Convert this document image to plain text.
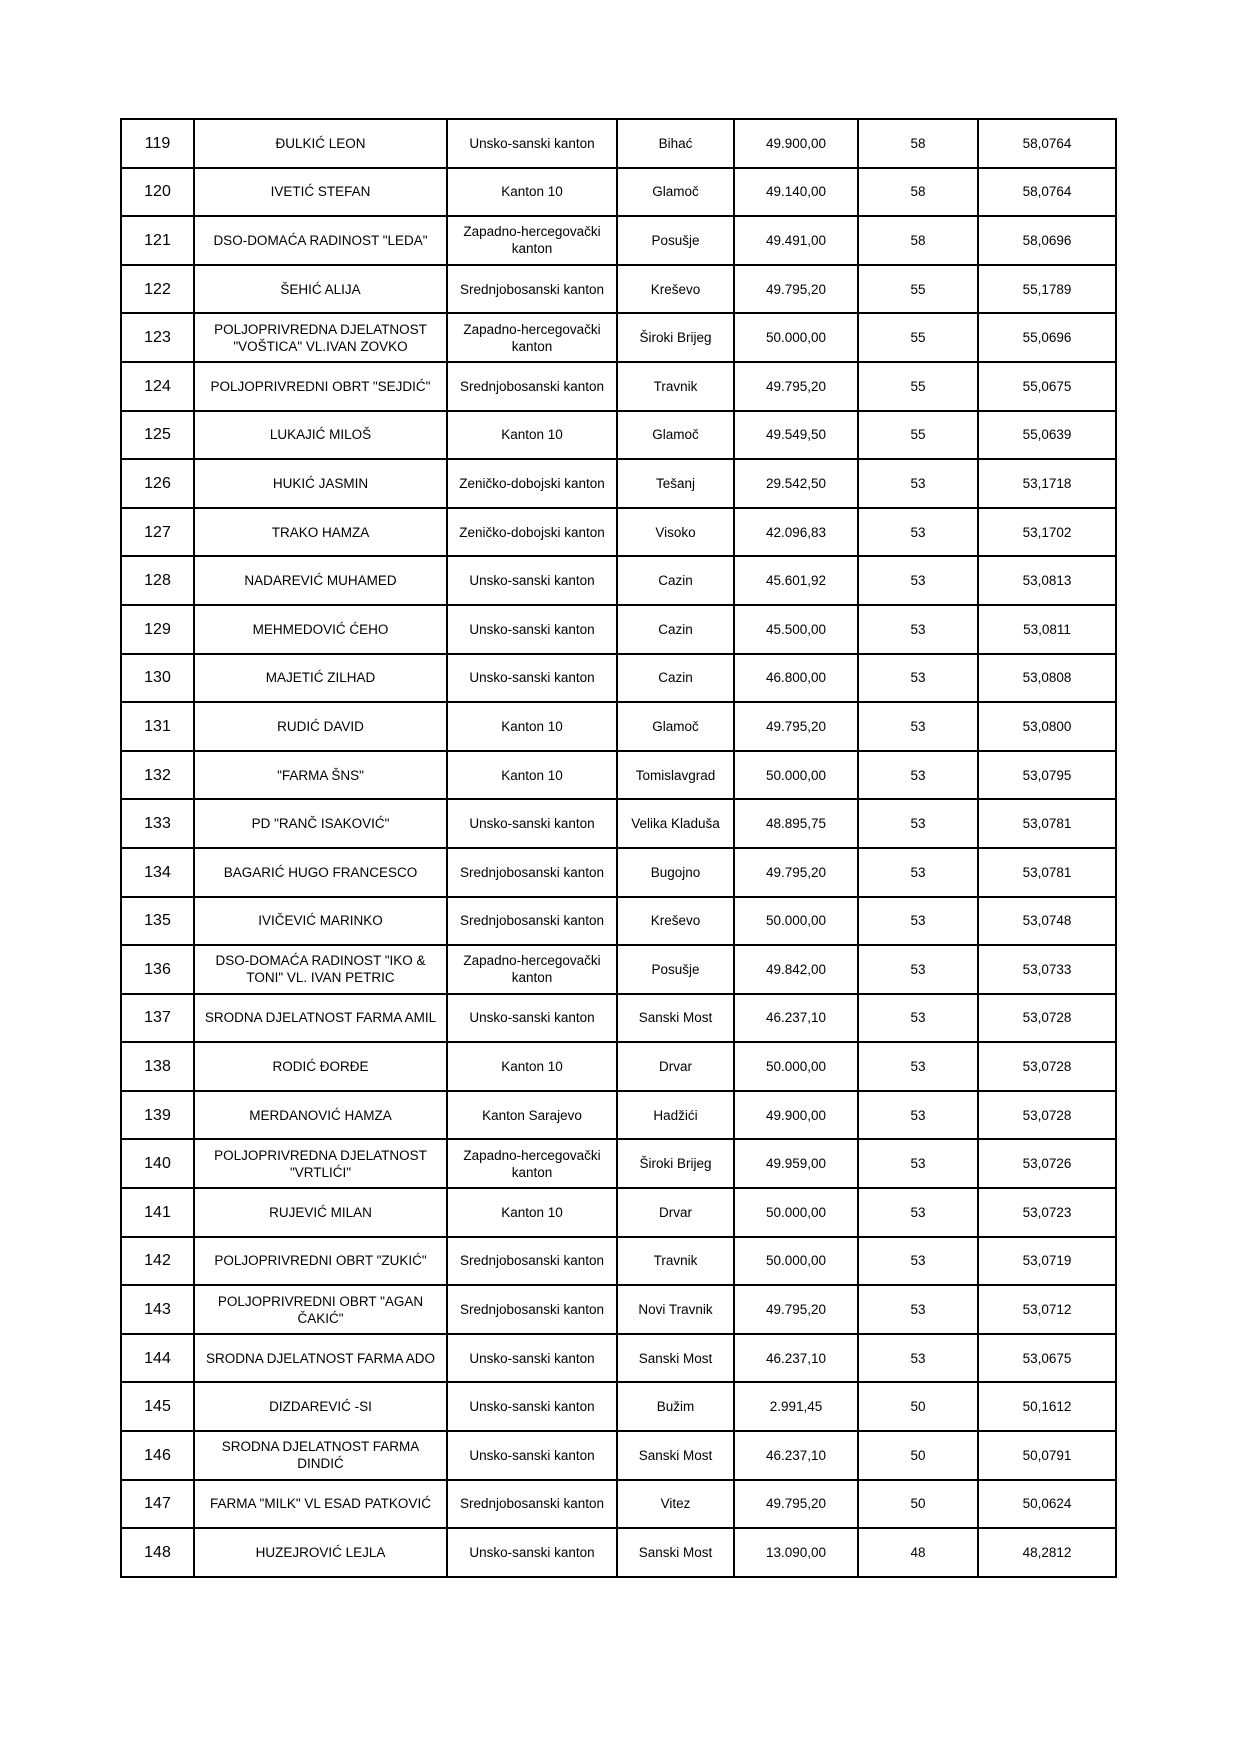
119	ĐULKIĆ LEON	Unsko-sanski kanton	Bihać	49.900,00	58	58,0764
120	IVETIĆ STEFAN	Kanton 10	Glamoč	49.140,00	58	58,0764
121	DSO-DOMAĆA RADINOST "LEDA"	Zapadno-hercegovački kanton	Posušje	49.491,00	58	58,0696
122	ŠEHIĆ ALIJA	Srednjobosanski kanton	Kreševo	49.795,20	55	55,1789
123	POLJOPRIVREDNA DJELATNOST "VOŠTICA" VL.IVAN ZOVKO	Zapadno-hercegovački kanton	Široki Brijeg	50.000,00	55	55,0696
124	POLJOPRIVREDNI OBRT "SEJDIĆ"	Srednjobosanski kanton	Travnik	49.795,20	55	55,0675
125	LUKAJIĆ MILOŠ	Kanton 10	Glamoč	49.549,50	55	55,0639
126	HUKIĆ JASMIN	Zeničko-dobojski kanton	Tešanj	29.542,50	53	53,1718
127	TRAKO HAMZA	Zeničko-dobojski kanton	Visoko	42.096,83	53	53,1702
128	NADAREVIĆ MUHAMED	Unsko-sanski kanton	Cazin	45.601,92	53	53,0813
129	MEHMEDOVIĆ ĆEHO	Unsko-sanski kanton	Cazin	45.500,00	53	53,0811
130	MAJETIĆ ZILHAD	Unsko-sanski kanton	Cazin	46.800,00	53	53,0808
131	RUDIĆ DAVID	Kanton 10	Glamoč	49.795,20	53	53,0800
132	"FARMA ŠNS"	Kanton 10	Tomislavgrad	50.000,00	53	53,0795
133	PD "RANČ ISAKOVIĆ"	Unsko-sanski kanton	Velika Kladuša	48.895,75	53	53,0781
134	BAGARIĆ HUGO FRANCESCO	Srednjobosanski kanton	Bugojno	49.795,20	53	53,0781
135	IVIČEVIĆ MARINKO	Srednjobosanski kanton	Kreševo	50.000,00	53	53,0748
136	DSO-DOMAĆA RADINOST "IKO & TONI" VL. IVAN PETRIC	Zapadno-hercegovački kanton	Posušje	49.842,00	53	53,0733
137	SRODNA DJELATNOST FARMA AMIL	Unsko-sanski kanton	Sanski Most	46.237,10	53	53,0728
138	RODIĆ ĐORĐE	Kanton 10	Drvar	50.000,00	53	53,0728
139	MERDANOVIĆ HAMZA	Kanton Sarajevo	Hadžići	49.900,00	53	53,0728
140	POLJOPRIVREDNA DJELATNOST "VRTLIĆI"	Zapadno-hercegovački kanton	Široki Brijeg	49.959,00	53	53,0726
141	RUJEVIĆ MILAN	Kanton 10	Drvar	50.000,00	53	53,0723
142	POLJOPRIVREDNI OBRT "ZUKIĆ"	Srednjobosanski kanton	Travnik	50.000,00	53	53,0719
143	POLJOPRIVREDNI OBRT "AGAN ČAKIĆ"	Srednjobosanski kanton	Novi Travnik	49.795,20	53	53,0712
144	SRODNA DJELATNOST FARMA ADO	Unsko-sanski kanton	Sanski Most	46.237,10	53	53,0675
145	DIZDAREVIĆ -SI	Unsko-sanski kanton	Bužim	2.991,45	50	50,1612
146	SRODNA DJELATNOST FARMA DINDIĆ	Unsko-sanski kanton	Sanski Most	46.237,10	50	50,0791
147	FARMA "MILK" VL ESAD PATKOVIĆ	Srednjobosanski kanton	Vitez	49.795,20	50	50,0624
148	HUZEJROVIĆ LEJLA	Unsko-sanski kanton	Sanski Most	13.090,00	48	48,2812
